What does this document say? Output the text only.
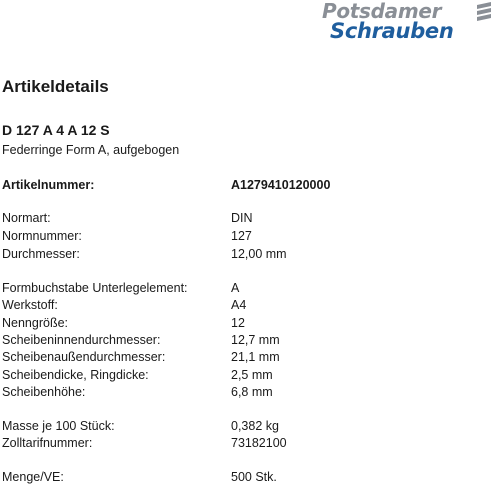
Potsdamer
Schrauben
Artikeldetails
D 127 A 4 A 12 S
Federringe Form A, aufgebogen
Artikelnummer:	A1279410120000
Normart:	DIN
Normnummer:	127
Durchmesser:	12,00 mm
Formbuchstabe Unterlegelement:	A
Werkstoff:	A4
Nenngröße:	12
Scheibeninnendurchmesser:	12,7 mm
Scheibenaußendurchmesser:	21,1 mm
Scheibendicke, Ringdicke:	2,5 mm
Scheibenhöhe:	6,8 mm
Masse je 100 Stück:	0,382 kg
Zolltarifnummer:	73182100
Menge/VE:	500 Stk.
